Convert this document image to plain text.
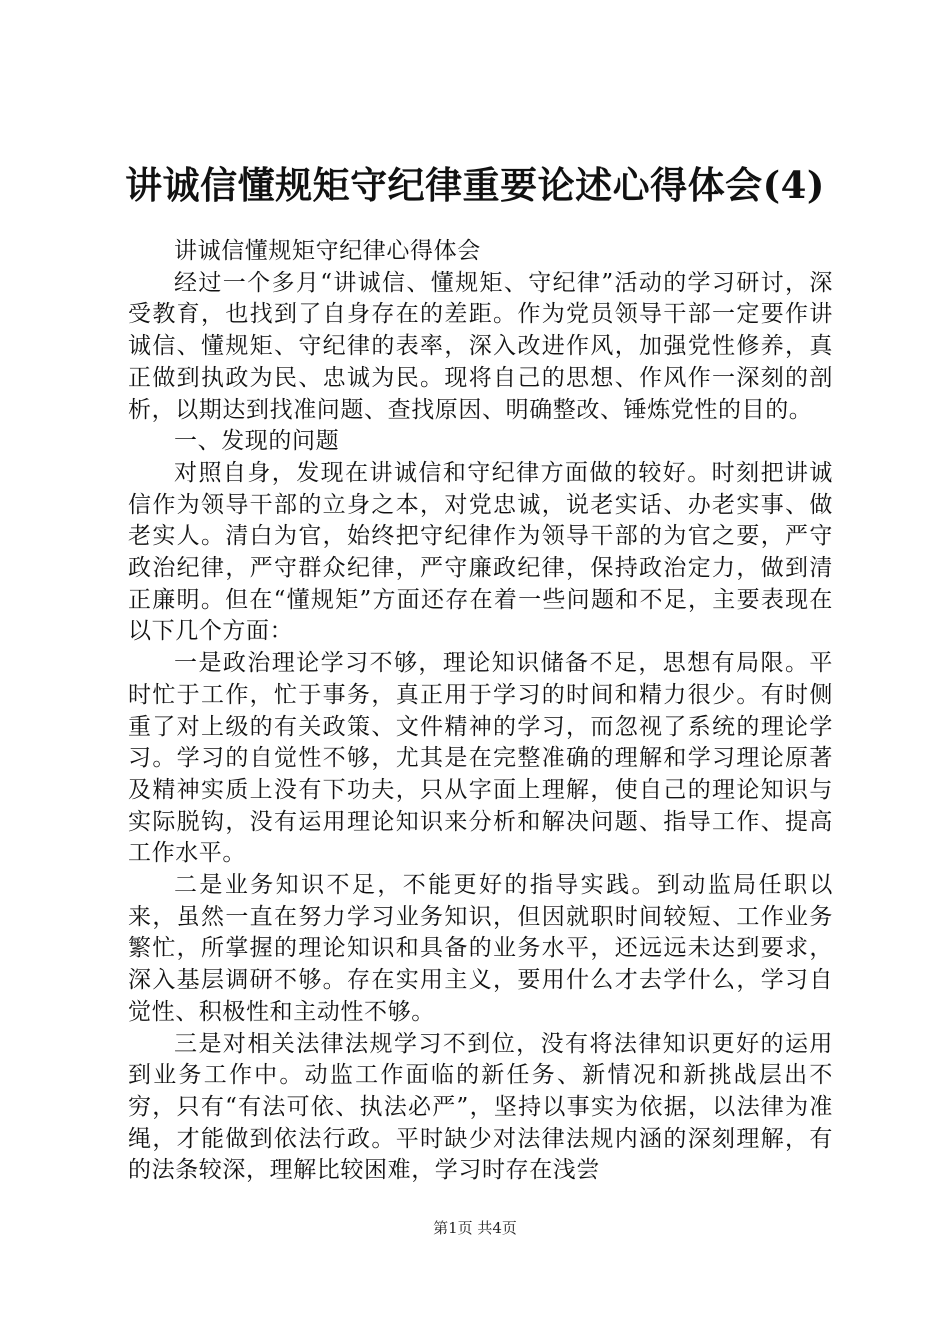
讲诚信懂规矩守纪律重要论述心得体会(4)

讲诚信懂规矩守纪律心得体会

经过一个多月“讲诚信、懂规矩、守纪律”活动的学习研讨，深受教育，也找到了自身存在的差距。作为党员领导干部一定要作讲诚信、懂规矩、守纪律的表率，深入改进作风，加强党性修养，真正做到执政为民、忠诚为民。现将自己的思想、作风作一深刻的剖析，以期达到找准问题、查找原因、明确整改、锤炼党性的目的。

一、发现的问题

对照自身，发现在讲诚信和守纪律方面做的较好。时刻把讲诚信作为领导干部的立身之本，对党忠诚，说老实话、办老实事、做老实人。清白为官，始终把守纪律作为领导干部的为官之要，严守政治纪律，严守群众纪律，严守廉政纪律，保持政治定力，做到清正廉明。但在“懂规矩”方面还存在着一些问题和不足，主要表现在以下几个方面：

一是政治理论学习不够，理论知识储备不足，思想有局限。平时忙于工作，忙于事务，真正用于学习的时间和精力很少。有时侧重了对上级的有关政策、文件精神的学习，而忽视了系统的理论学习。学习的自觉性不够，尤其是在完整准确的理解和学习理论原著及精神实质上没有下功夫，只从字面上理解，使自己的理论知识与实际脱钩，没有运用理论知识来分析和解决问题、指导工作、提高工作水平。

二是业务知识不足，不能更好的指导实践。到动监局任职以来，虽然一直在努力学习业务知识，但因就职时间较短、工作业务繁忙，所掌握的理论知识和具备的业务水平，还远远未达到要求，深入基层调研不够。存在实用主义，要用什么才去学什么，学习自觉性、积极性和主动性不够。

三是对相关法律法规学习不到位，没有将法律知识更好的运用到业务工作中。动监工作面临的新任务、新情况和新挑战层出不穷，只有“有法可依、执法必严”，坚持以事实为依据，以法律为准绳，才能做到依法行政。平时缺少对法律法规内涵的深刻理解，有的法条较深，理解比较困难，学习时存在浅尝

第1页 共4页
